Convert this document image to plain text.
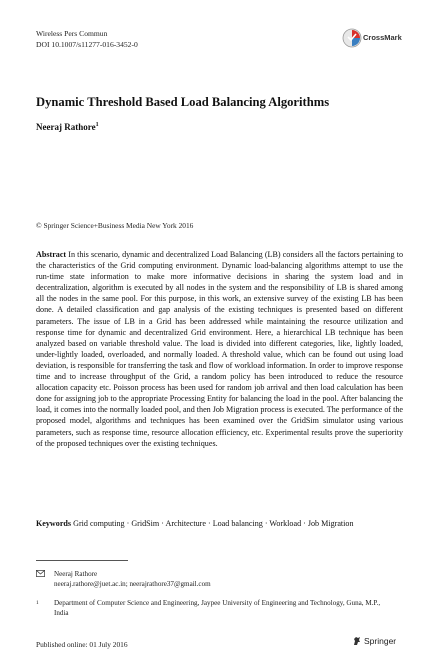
Wireless Pers Commun
DOI 10.1007/s11277-016-3452-0
CrossMark
Dynamic Threshold Based Load Balancing Algorithms
Neeraj Rathore$^1$
© Springer Science+Business Media New York 2016
Abstract In this scenario, dynamic and decentralized Load Balancing (LB) considers all the factors pertaining to the characteristics of the Grid computing environment. Dynamic load-balancing algorithms attempt to use the run-time state information to make more informative decisions in sharing the system load and in decentralization, algorithm is executed by all nodes in the system and the responsibility of LB is shared among all the nodes in the same pool. For this purpose, in this work, an extensive survey of the existing LB has been done. A detailed classification and gap analysis of the existing techniques is presented based on different parameters. The issue of LB in a Grid has been addressed while maintaining the resource utilization and response time for dynamic and decentralized Grid environment. Here, a hierarchical LB technique has been analyzed based on variable threshold value. The load is divided into different categories, like, lightly loaded, under-lightly loaded, overloaded, and normally loaded. A threshold value, which can be found out using load deviation, is responsible for transferring the task and flow of workload information. In order to improve response time and to increase throughput of the Grid, a random policy has been introduced to reduce the resource allocation capacity etc. Poisson process has been used for random job arrival and then load calculation has been done for assigning job to the appropriate Processing Entity for balancing the load in the pool. After balancing the load, it comes into the normally loaded pool, and then Job Migration process is executed. The performance of the proposed model, algorithms and techniques has been examined over the GridSim simulator using various parameters, such as response time, resource allocation efficiency, etc. Experimental results prove the superiority of the proposed techniques over the existing techniques.
Keywords Grid computing · GridSim · Architecture · Load balancing · Workload · Job Migration
Neeraj Rathore
neeraj.rathore@juet.ac.in; neerajrathore37@gmail.com
1 Department of Computer Science and Engineering, Jaypee University of Engineering and Technology, Guna, M.P., India
Published online: 01 July 2016	Springer
